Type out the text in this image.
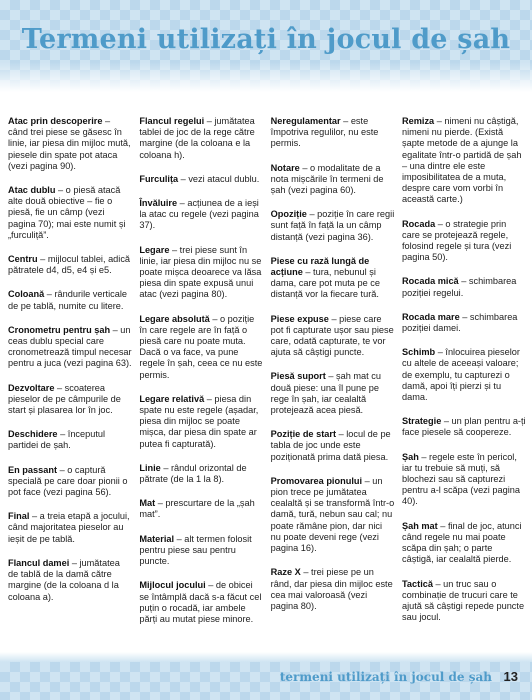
Termeni utilizați în jocul de șah

Atac prin descoperire – când trei piese se găsesc în linie, iar piesa din mijloc mută, piesele din spate pot ataca (vezi pagina 90).

Atac dublu – o piesă atacă alte două obiective – fie o piesă, fie un câmp (vezi pagina 70); mai este numit și „furculiță”.

Centru – mijlocul tablei, adică pătratele d4, d5, e4 și e5.

Coloană – rândurile verticale de pe tablă, numite cu litere.

Cronometru pentru șah – un ceas dublu special care cronometrează timpul necesar pentru a juca (vezi pagina 63).

Dezvoltare – scoaterea pieselor de pe câmpurile de start și plasarea lor în joc.

Deschidere – începutul partidei de șah.

En passant – o captură specială pe care doar pionii o pot face (vezi pagina 56).

Final – a treia etapă a jocului, când majoritatea pieselor au ieșit de pe tablă.

Flancul damei – jumătatea de tablă de la damă către margine (de la coloana d la coloana a).

Flancul regelui – jumătatea tablei de joc de la rege către margine (de la coloana e la coloana h).

Furculița – vezi atacul dublu.

Învăluire – acțiunea de a ieși la atac cu regele (vezi pagina 37).

Legare – trei piese sunt în linie, iar piesa din mijloc nu se poate mișca deoarece va lăsa piesa din spate expusă unui atac (vezi pagina 80).

Legare absolută – o poziție în care regele are în față o piesă care nu poate muta. Dacă o va face, va pune regele în șah, ceea ce nu este permis.

Legare relativă – piesa din spate nu este regele (așadar, piesa din mijloc se poate mișca, dar piesa din spate ar putea fi capturată).

Linie – rândul orizontal de pătrate (de la 1 la 8).

Mat – prescurtare de la „șah mat”.

Material – alt termen folosit pentru piese sau pentru puncte.

Mijlocul jocului – de obicei se întâmplă dacă s-a făcut cel puțin o rocadă, iar ambele părți au mutat piese minore.

Neregulamentar – este împotriva regulilor, nu este permis.

Notare – o modalitate de a nota mișcările în termeni de șah (vezi pagina 60).

Opoziție – poziție în care regii sunt față în față la un câmp distanță (vezi pagina 36).

Piese cu rază lungă de acțiune – tura, nebunul și dama, care pot muta pe ce distanță vor la fiecare tură.

Piese expuse – piese care pot fi capturate ușor sau piese care, odată capturate, te vor ajuta să câștigi puncte.

Piesă suport – șah mat cu două piese: una îl pune pe rege în șah, iar cealaltă protejează acea piesă.

Poziție de start – locul de pe tabla de joc unde este poziționată prima dată piesa.

Promovarea pionului – un pion trece pe jumătatea cealaltă și se transformă într-o damă, tură, nebun sau cal; nu poate rămâne pion, dar nici nu poate deveni rege (vezi pagina 16).

Raze X – trei piese pe un rând, dar piesa din mijloc este cea mai valoroasă (vezi pagina 80).

Remiza – nimeni nu câștigă, nimeni nu pierde. (Există șapte metode de a ajunge la egalitate într-o partidă de șah – una dintre ele este imposibilitatea de a muta, despre care vom vorbi în această carte.)

Rocada – o strategie prin care se protejează regele, folosind regele și tura (vezi pagina 50).

Rocada mică – schimbarea poziției regelui.

Rocada mare – schimbarea poziției damei.

Schimb – înlocuirea pieselor cu altele de aceeași valoare; de exemplu, tu capturezi o damă, apoi îți pierzi și tu dama.

Strategie – un plan pentru a-ți face piesele să coopereze.

Șah – regele este în pericol, iar tu trebuie să muți, să blochezi sau să capturezi pentru a-l scăpa (vezi pagina 40).

Șah mat – final de joc, atunci când regele nu mai poate scăpa din șah; o parte câștigă, iar cealaltă pierde.

Tactică – un truc sau o combinație de trucuri care te ajută să câștigi repede puncte sau jocul.

termeni utilizați în jocul de șah 13
